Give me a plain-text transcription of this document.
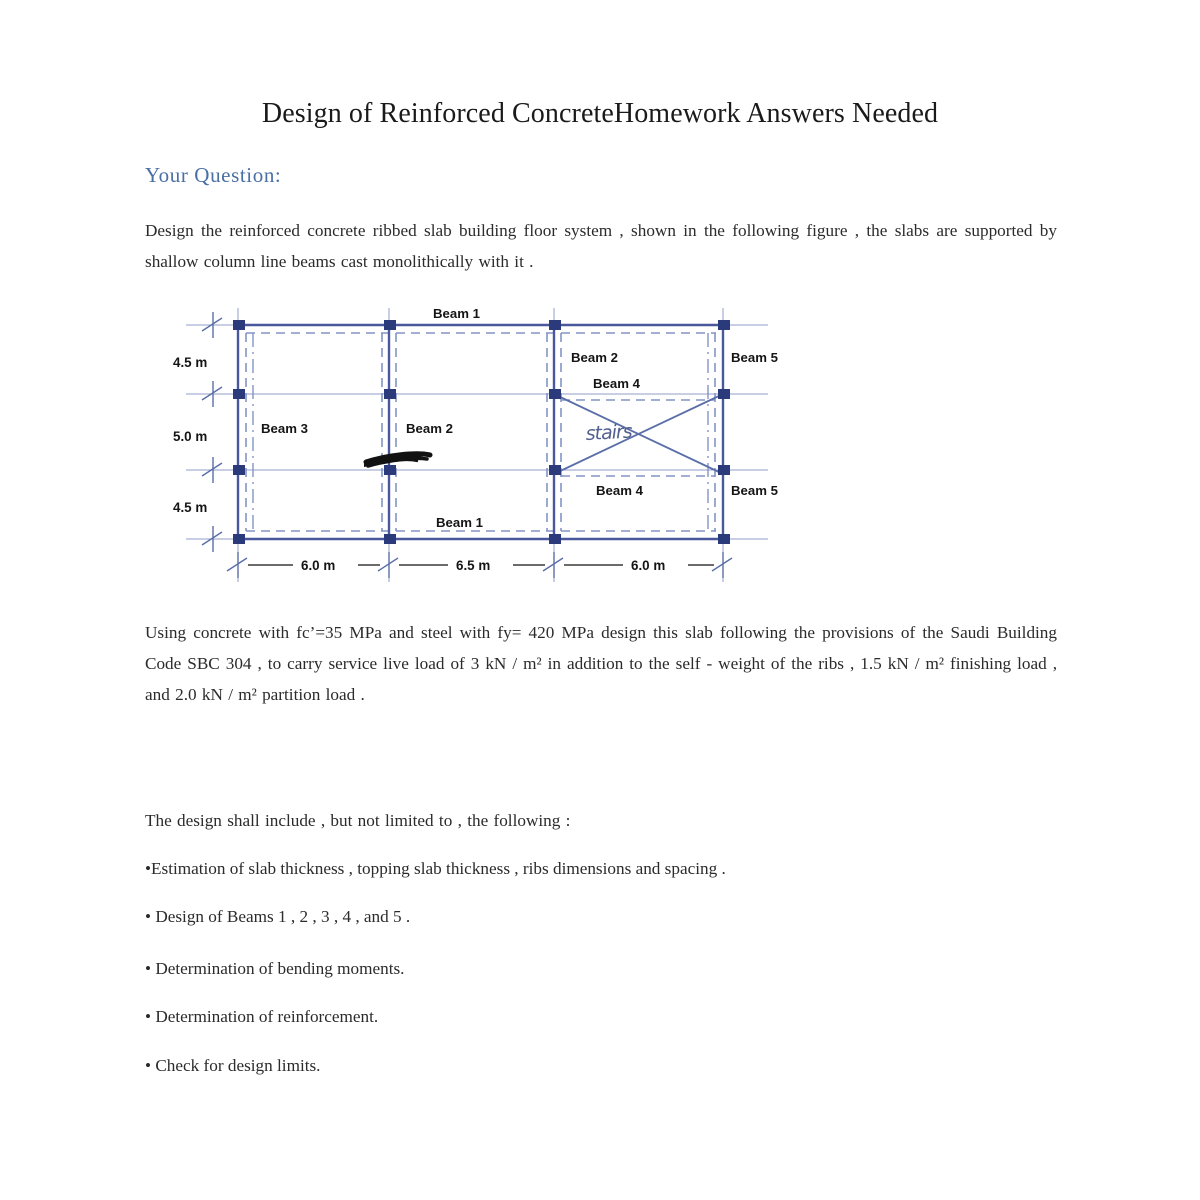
Design of Reinforced ConcreteHomework Answers Needed
Your Question:
Design the reinforced concrete ribbed slab building floor system , shown in the following figure , the slabs are supported by shallow column line beams cast monolithically with it .
4.5 m
5.0 m
4.5 m
6.0 m	6.5 m	6.0 m
Beam 1
Beam 1
Beam 2
Beam 2
Beam 3
Beam 4
Beam 4
Beam 5
Beam 5
stairs
Using concrete with fc’=35 MPa and steel with fy= 420 MPa design this slab following the provisions of the Saudi Building Code SBC 304 , to carry service live load of 3 kN / m² in addition to the self - weight of the ribs , 1.5 kN / m² finishing load , and 2.0 kN / m² partition load .
The design shall include , but not limited to , the following :
•Estimation of slab thickness , topping slab thickness , ribs dimensions and spacing .
• Design of Beams 1 , 2 , 3 , 4 , and 5 .
• Determination of bending moments.
• Determination of reinforcement.
• Check for design limits.
